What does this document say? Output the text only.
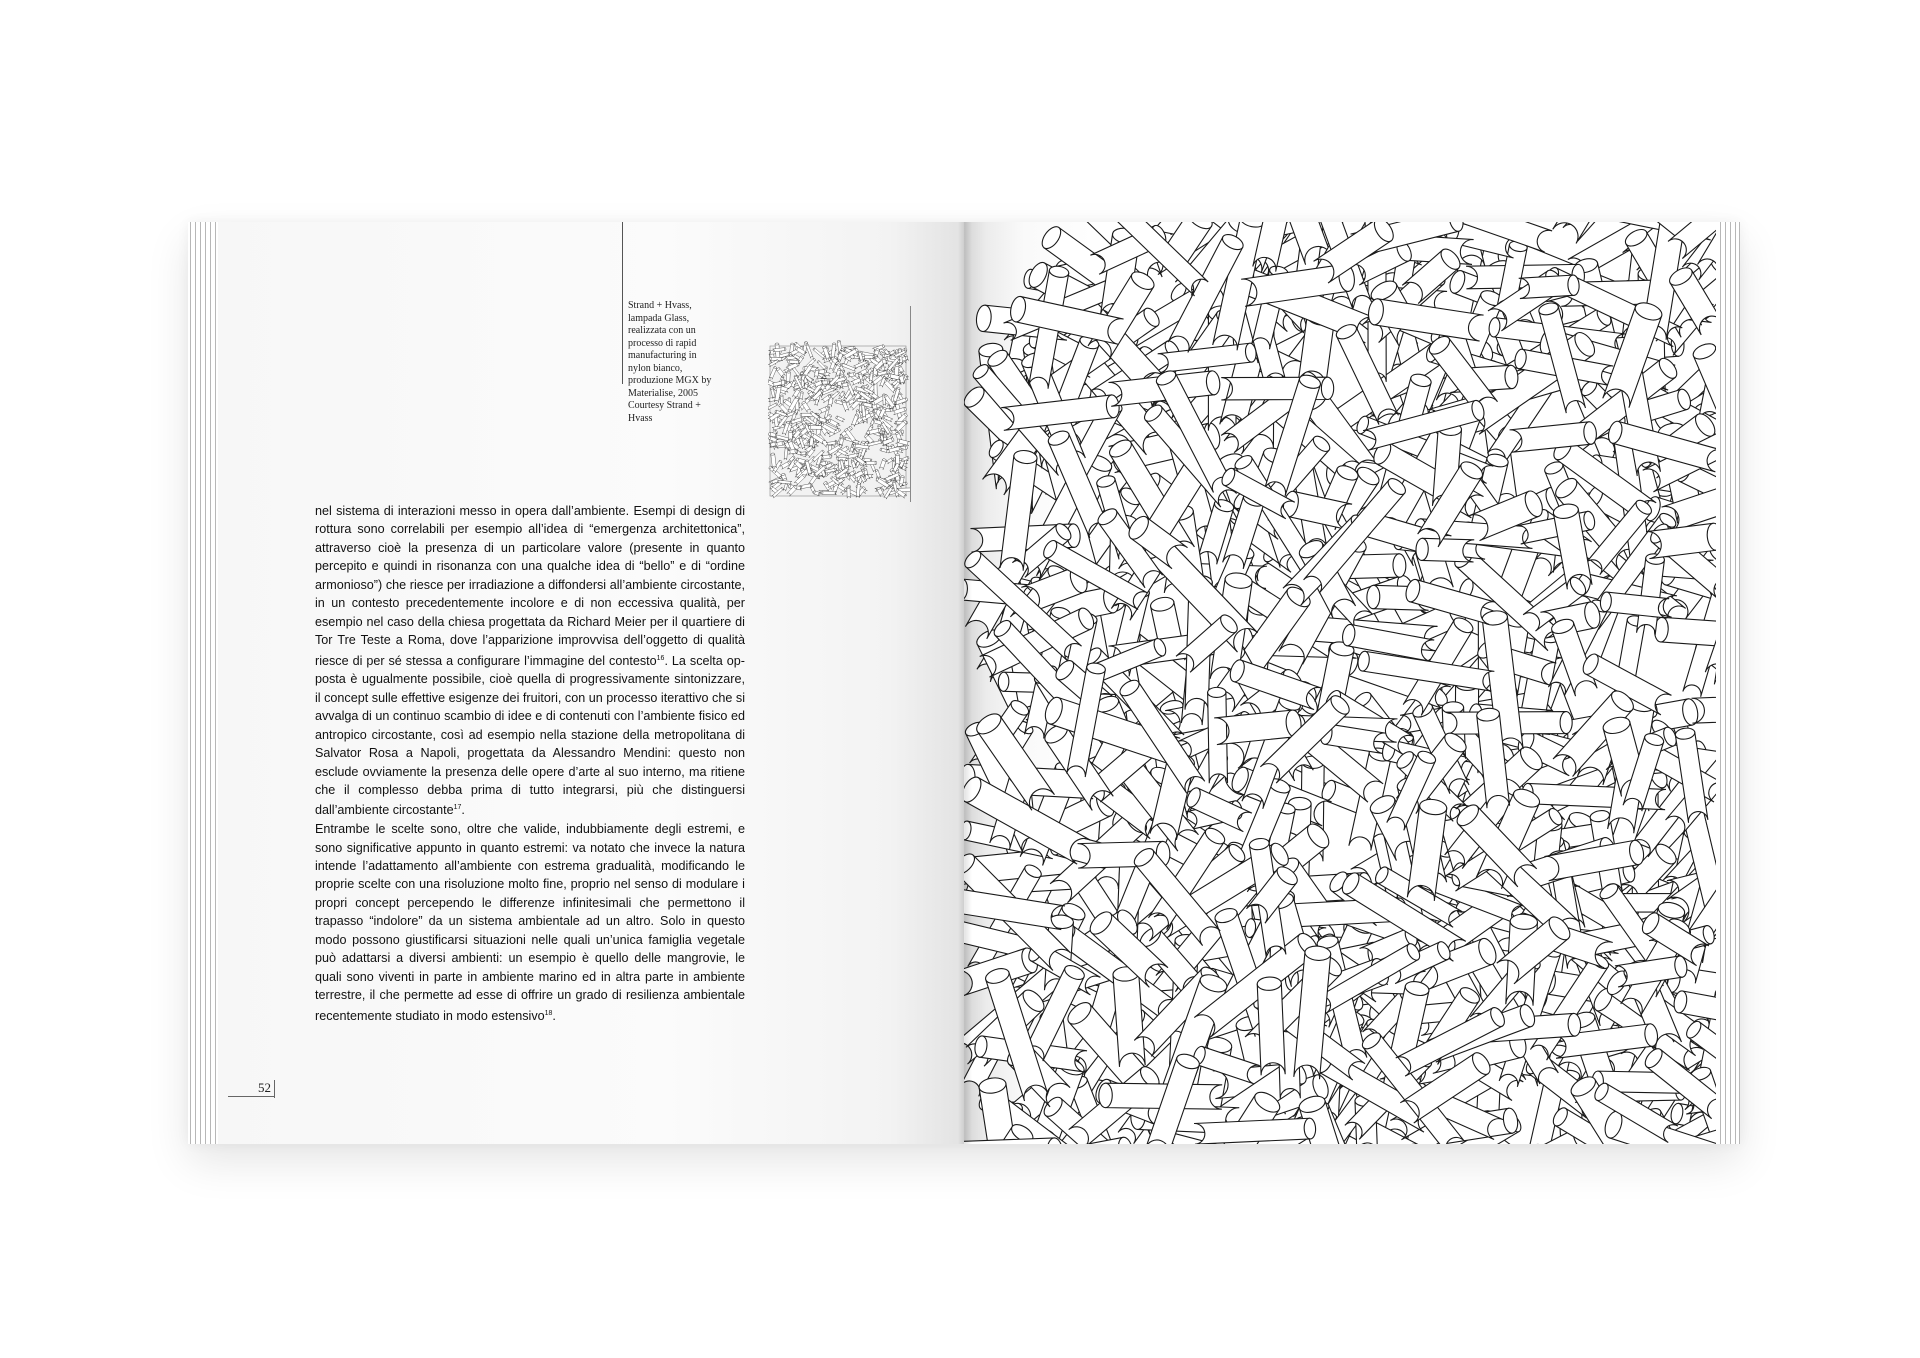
Strand + Hvass,
lampada Glass,
realizzata con un
processo di rapid
manufacturing in
nylon bianco,
produzione MGX by
Materialise, 2005
Courtesy Strand +
Hvass

nel sistema di interazioni messo in opera dall’ambiente. Esempi di design di rottura sono correlabili per esempio all’idea di “emergenza architettonica”, attraverso cioè la presenza di un particolare valore (presente in quanto percepito e quindi in risonanza con una qualche idea di “bello” e di “ordine armonioso”) che riesce per irradiazione a diffondersi all’ambiente circostante, in un contesto precedentemente incolore e di non eccessiva qualità, per esempio nel caso della chiesa progettata da Richard Meier per il quartiere di Tor Tre Teste a Roma, dove l’apparizione improvvisa dell’oggetto di qualità riesce di per sé stessa a configurare l’immagine del contesto$^{16}$. La scelta opposta è ugualmente possibile, cioè quella di progressivamente sintonizzare, il concept sulle effettive esigenze dei fruitori, con un processo iterattivo che si avvalga di un continuo scambio di idee e di contenuti con l’ambiente fisico ed antropico circostante, così ad esempio nella stazione della metropolitana di Salvator Rosa a Napoli, progettata da Alessandro Mendini: questo non esclude ovviamente la presenza delle opere d’arte al suo interno, ma ritiene che il complesso debba prima di tutto integrarsi, più che distinguersi dall’ambiente circostante$^{17}$.

Entrambe le scelte sono, oltre che valide, indubbiamente degli estremi, e sono significative appunto in quanto estremi: va notato che invece la natura intende l’adattamento all’ambiente con estrema gradualità, modificando le proprie scelte con una risoluzione molto fine, proprio nel senso di modulare i propri concept percependo le differenze infinitesimali che permettono il trapasso “indolore” da un sistema ambientale ad un altro. Solo in questo modo possono giustificarsi situazioni nelle quali un’unica famiglia vegetale può adattarsi a diversi ambienti: un esempio è quello delle mangrovie, le quali sono viventi in parte in ambiente marino ed in altra parte in ambiente terrestre, il che permette ad esse di offrire un grado di resilienza ambientale recentemente studiato in modo estensivo$^{18}$.

52
